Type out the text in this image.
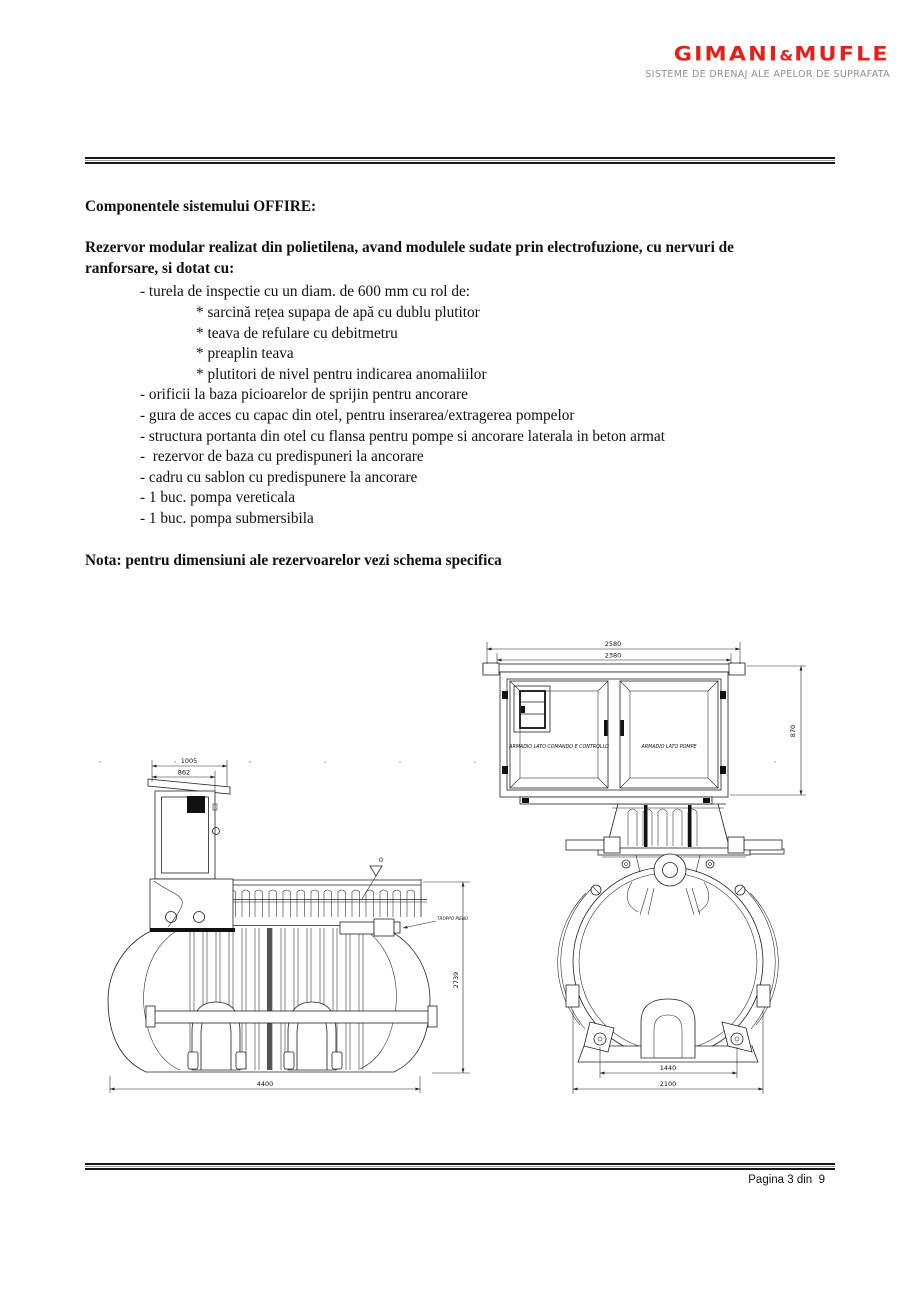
GIMANI&MUFLE
SISTEME DE DRENAJ ALE APELOR DE SUPRAFATA
Componentele sistemului OFFIRE:
Rezervor modular realizat din polietilena, avand modulele sudate prin electrofuzione, cu nervuri de
ranforsare, si dotat cu:
- turela de inspectie cu un diam. de 600 mm cu rol de:
* sarcină rețea supapa de apă cu dublu plutitor
* teava de refulare cu debitmetru
* preaplin teava
* plutitori de nivel pentru indicarea anomaliilor
- orificii la baza picioarelor de sprijin pentru ancorare
- gura de acces cu capac din otel, pentru inserarea/extragerea pompelor
- structura portanta din otel cu flansa pentru pompe si ancorare laterala in beton armat
-  rezervor de baza cu predispuneri la ancorare
- cadru cu sablon cu predispunere la ancorare
- 1 buc. pompa vereticala
- 1 buc. pompa submersibila
Nota: pentru dimensiuni ale rezervoarelor vezi schema specifica
0
TROPPO PIENO
1005
862
2739
4400
ARMADIO LATO COMANDO E CONTROLLO	ARMADIO LATO POMPE
2580
2380
870
1440
2100
Pagina 3 din  9
